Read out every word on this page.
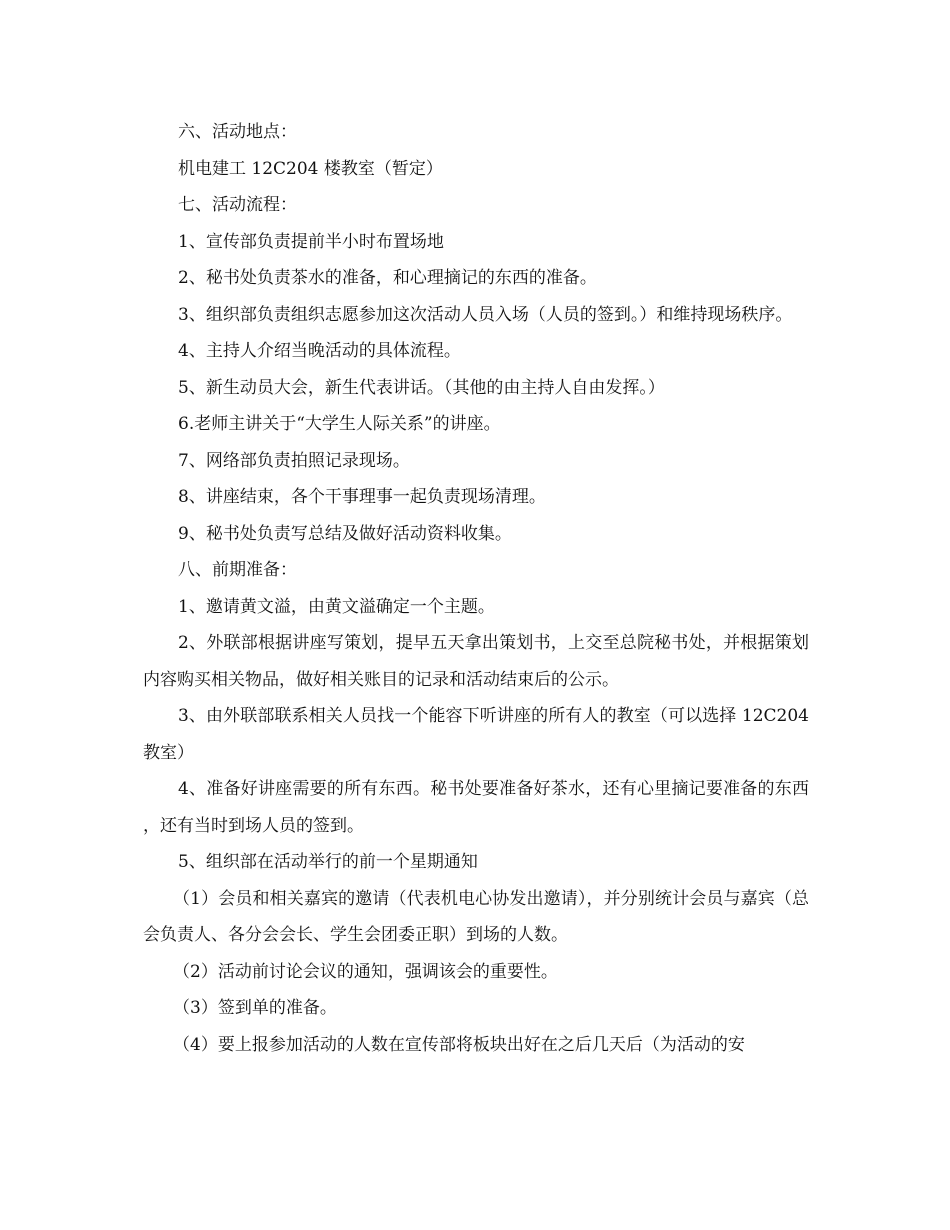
六、活动地点：

机电建工 12C204 楼教室（暂定）

七、活动流程：

1、宣传部负责提前半小时布置场地

2、秘书处负责茶水的准备，和心理摘记的东西的准备。

3、组织部负责组织志愿参加这次活动人员入场（人员的签到。）和维持现场秩序。

4、主持人介绍当晚活动的具体流程。

5、新生动员大会，新生代表讲话。（其他的由主持人自由发挥。）

6.老师主讲关于“大学生人际关系”的讲座。

7、网络部负责拍照记录现场。

8、讲座结束，各个干事理事一起负责现场清理。

9、秘书处负责写总结及做好活动资料收集。

八、前期准备：

1、邀请黄文溢，由黄文溢确定一个主题。

2、外联部根据讲座写策划，提早五天拿出策划书，上交至总院秘书处，并根据策划内容购买相关物品，做好相关账目的记录和活动结束后的公示。

3、由外联部联系相关人员找一个能容下听讲座的所有人的教室（可以选择 12C204 教室）

4、准备好讲座需要的所有东西。秘书处要准备好茶水，还有心里摘记要准备的东西，还有当时到场人员的签到。

5、组织部在活动举行的前一个星期通知

（1）会员和相关嘉宾的邀请（代表机电心协发出邀请），并分别统计会员与嘉宾（总会负责人、各分会会长、学生会团委正职）到场的人数。

（2）活动前讨论会议的通知，强调该会的重要性。

（3）签到单的准备。

（4）要上报参加活动的人数在宣传部将板块出好在之后几天后（为活动的安
